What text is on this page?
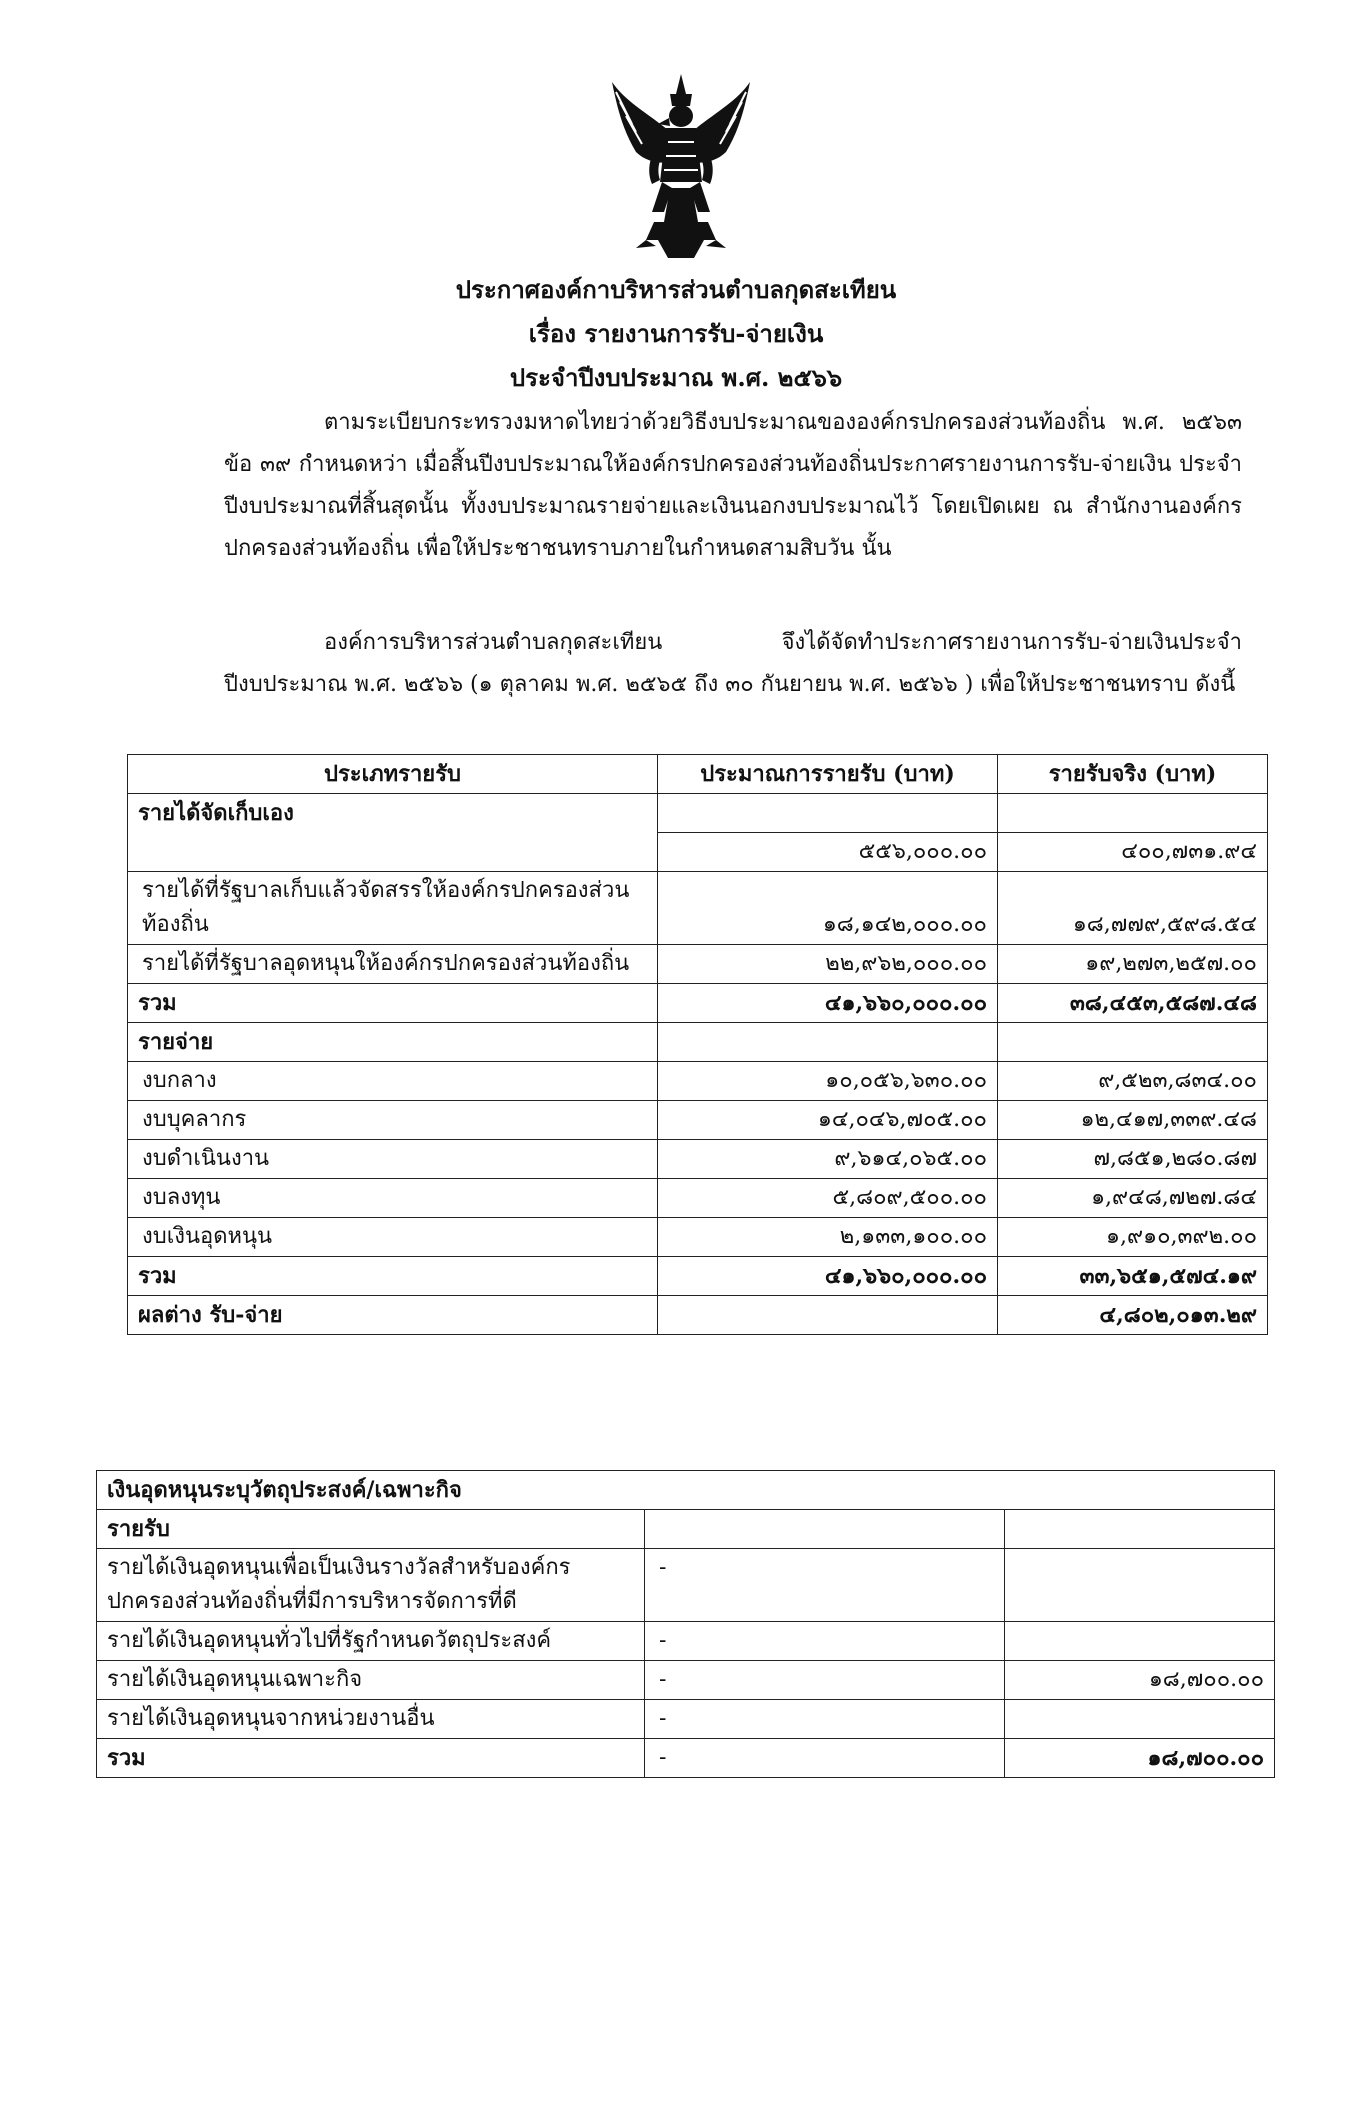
ประกาศองค์กาบริหารส่วนตำบลกุดสะเทียน
เรื่อง รายงานการรับ-จ่ายเงิน
ประจำปีงบประมาณ พ.ศ. ๒๕๖๖
ตามระเบียบกระทรวงมหาดไทยว่าด้วยวิธีงบประมาณขององค์กรปกครองส่วนท้องถิ่น พ.ศ. ๒๕๖๓ ข้อ ๓๙ กำหนดหว่า เมื่อสิ้นปีงบประมาณให้องค์กรปกครองส่วนท้องถิ่นประกาศรายงานการรับ-จ่ายเงิน ประจำปีงบประมาณที่สิ้นสุดนั้น ทั้งงบประมาณรายจ่ายและเงินนอกงบประมาณไว้ โดยเปิดเผย ณ สำนักงานองค์กรปกครองส่วนท้องถิ่น เพื่อให้ประชาชนทราบภายในกำหนดสามสิบวัน นั้น
องค์การบริหารส่วนตำบลกุดสะเทียน จึงได้จัดทำประกาศรายงานการรับ-จ่ายเงินประจำปีงบประมาณ พ.ศ. ๒๕๖๖ (๑ ตุลาคม พ.ศ. ๒๕๖๕ ถึง ๓๐ กันยายน พ.ศ. ๒๕๖๖ ) เพื่อให้ประชาชนทราบ ดังนี้
ประเภทรายรับ	ประมาณการรายรับ (บาท)	รายรับจริง (บาท)
รายได้จัดเก็บเอง		
	๕๕๖,๐๐๐.๐๐	๔๐๐,๗๓๑.๙๔
รายได้ที่รัฐบาลเก็บแล้วจัดสรรให้องค์กรปกครองส่วนท้องถิ่น	๑๘,๑๔๒,๐๐๐.๐๐	๑๘,๗๗๙,๕๙๘.๕๔
รายได้ที่รัฐบาลอุดหนุนให้องค์กรปกครองส่วนท้องถิ่น	๒๒,๙๖๒,๐๐๐.๐๐	๑๙,๒๗๓,๒๕๗.๐๐
รวม	๔๑,๖๖๐,๐๐๐.๐๐	๓๘,๔๕๓,๕๘๗.๔๘
รายจ่าย		
งบกลาง	๑๐,๐๕๖,๖๓๐.๐๐	๙,๕๒๓,๘๓๔.๐๐
งบบุคลากร	๑๔,๐๔๖,๗๐๕.๐๐	๑๒,๔๑๗,๓๓๙.๔๘
งบดำเนินงาน	๙,๖๑๔,๐๖๕.๐๐	๗,๘๕๑,๒๘๐.๘๗
งบลงทุน	๕,๘๐๙,๕๐๐.๐๐	๑,๙๔๘,๗๒๗.๘๔
งบเงินอุดหนุน	๒,๑๓๓,๑๐๐.๐๐	๑,๙๑๐,๓๙๒.๐๐
รวม	๔๑,๖๖๐,๐๐๐.๐๐	๓๓,๖๕๑,๕๗๔.๑๙
ผลต่าง รับ-จ่าย		๔,๘๐๒,๐๑๓.๒๙
เงินอุดหนุนระบุวัตถุประสงค์/เฉพาะกิจ		
รายรับ		
รายได้เงินอุดหนุนเพื่อเป็นเงินรางวัลสำหรับองค์กรปกครองส่วนท้องถิ่นที่มีการบริหารจัดการที่ดี	-	
รายได้เงินอุดหนุนทั่วไปที่รัฐกำหนดวัตถุประสงค์	-	
รายได้เงินอุดหนุนเฉพาะกิจ	-	๑๘,๗๐๐.๐๐
รายได้เงินอุดหนุนจากหน่วยงานอื่น	-	
รวม	-	๑๘,๗๐๐.๐๐
